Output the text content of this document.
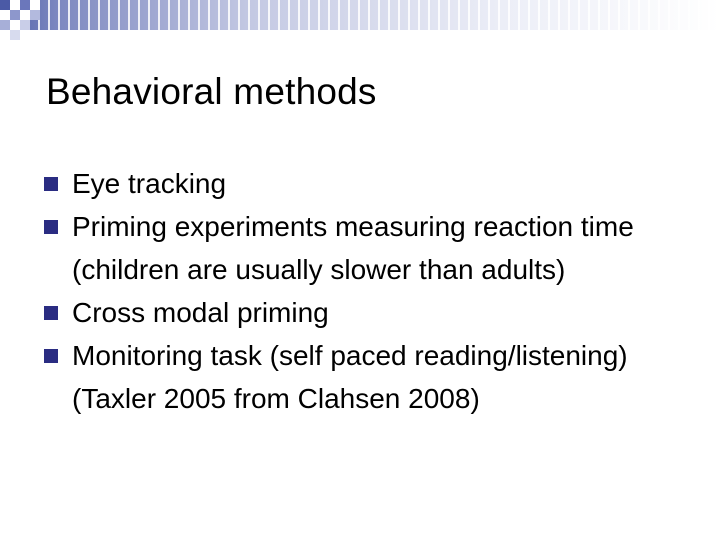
Behavioral methods
Eye tracking
Priming experiments measuring reaction time (children are usually slower than adults)
Cross modal priming
Monitoring task (self paced reading/listening) (Taxler 2005 from Clahsen 2008)
